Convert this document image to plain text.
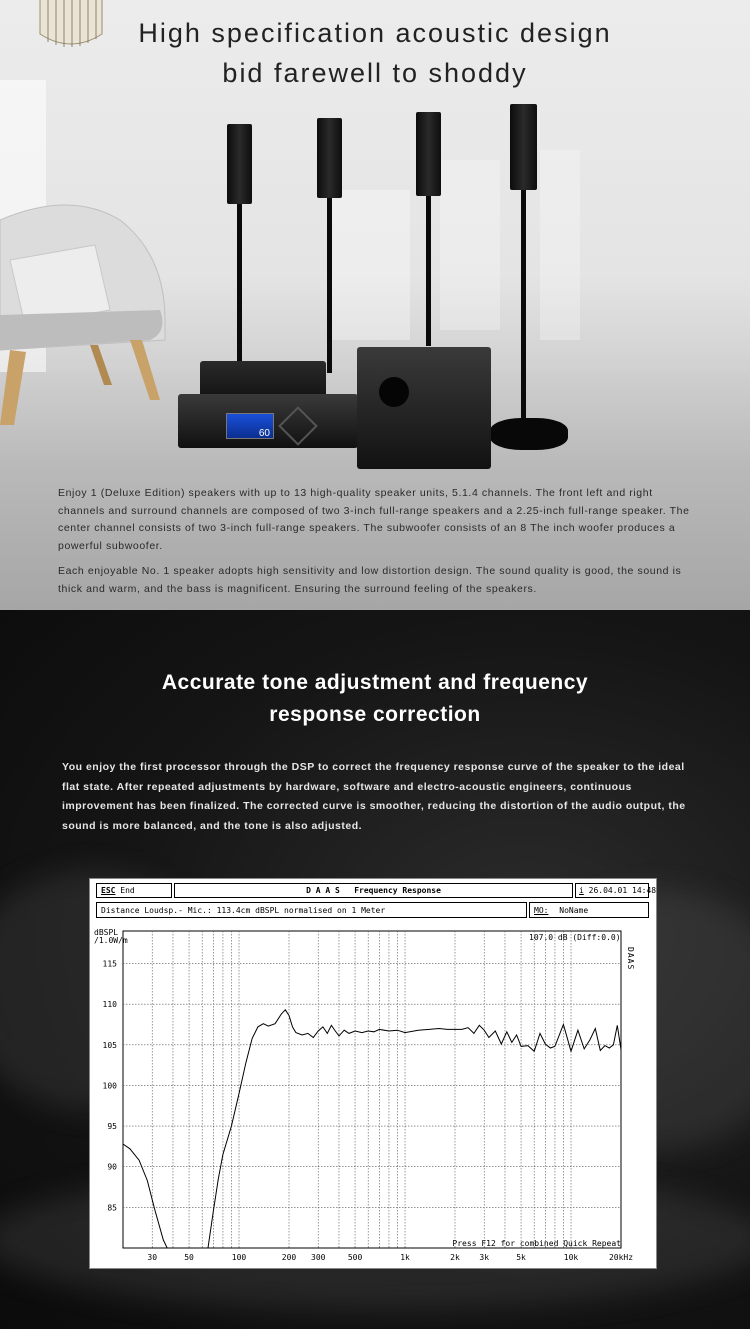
60
High specification acoustic design
bid farewell to shoddy
Enjoy 1 (Deluxe Edition) speakers with up to 13 high-quality speaker units, 5.1.4 channels. The front left and right channels and surround channels are composed of two 3-inch full-range speakers and a 2.25-inch full-range speaker. The center channel consists of two 3-inch full-range speakers. The subwoofer consists of an 8 The inch woofer produces a powerful subwoofer.
Each enjoyable No. 1 speaker adopts high sensitivity and low distortion design. The sound quality is good, the sound is thick and warm, and the bass is magnificent. Ensuring the surround feeling of the speakers.
Accurate tone adjustment and frequency
response correction
You enjoy the first processor through the DSP to correct the frequency response curve of the speaker to the ideal flat state. After repeated adjustments by hardware, software and electro-acoustic engineers, continuous improvement has been finalized. The corrected curve is smoother, reducing the distortion of the audio output, the sound is more balanced, and the tone is also adjusted.
ESC End	D A A S   Frequency Response	i 26.04.01 14:48
Distance Loudsp.- Mic.: 113.4cm dBSPL normalised on 1 Meter	MO: NoName
85
90
95
100
105
110
115
30	50	100	200 300	500	1k	2k 3k	5k	10k	20kHz
dBSPL
/1.0W/m	107.0 dB (Diff:0.0)
DAAS
Press F12 for combined Quick Repeat
